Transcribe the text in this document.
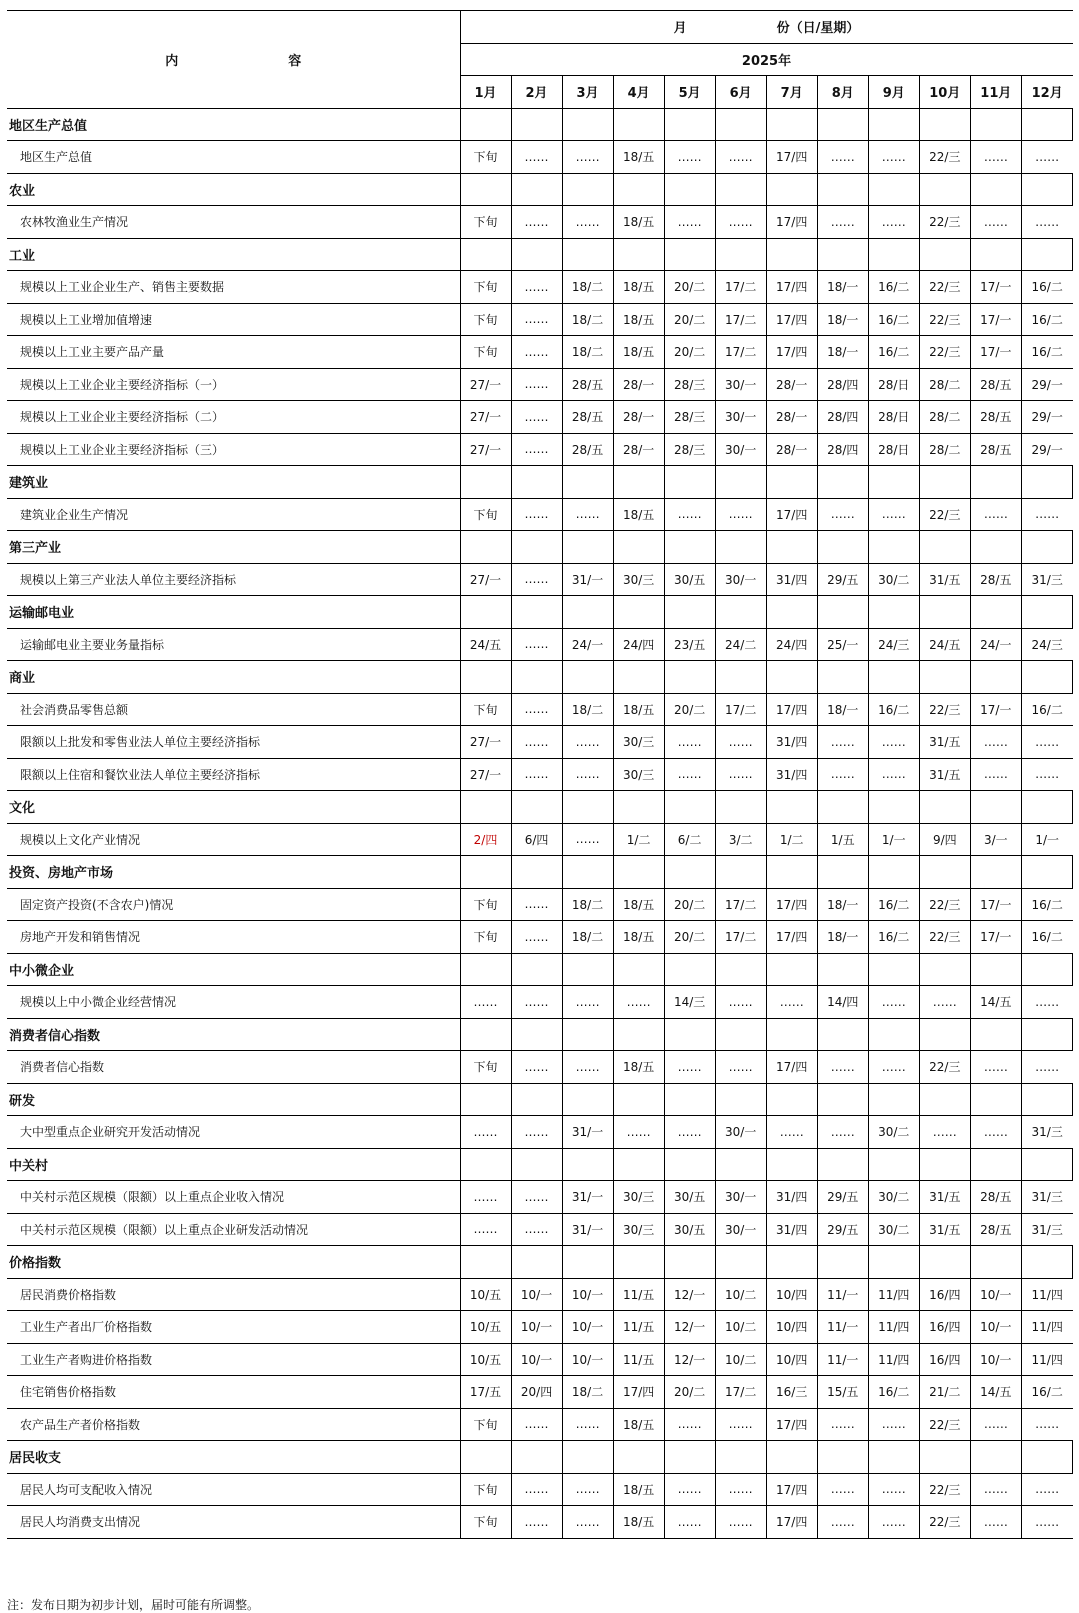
内 容	月 份（日/星期）											
	2025年											
	1月	2月	3月	4月	5月	6月	7月	8月	9月	10月	11月	12月
地区生产总值												
地区生产总值	下旬	……	……	18/五	……	……	17/四	……	……	22/三	……	……
农业												
农林牧渔业生产情况	下旬	……	……	18/五	……	……	17/四	……	……	22/三	……	……
工业												
规模以上工业企业生产、销售主要数据	下旬	……	18/二	18/五	20/二	17/二	17/四	18/一	16/二	22/三	17/一	16/二
规模以上工业增加值增速	下旬	……	18/二	18/五	20/二	17/二	17/四	18/一	16/二	22/三	17/一	16/二
规模以上工业主要产品产量	下旬	……	18/二	18/五	20/二	17/二	17/四	18/一	16/二	22/三	17/一	16/二
规模以上工业企业主要经济指标（一）	27/一	……	28/五	28/一	28/三	30/一	28/一	28/四	28/日	28/二	28/五	29/一
规模以上工业企业主要经济指标（二）	27/一	……	28/五	28/一	28/三	30/一	28/一	28/四	28/日	28/二	28/五	29/一
规模以上工业企业主要经济指标（三）	27/一	……	28/五	28/一	28/三	30/一	28/一	28/四	28/日	28/二	28/五	29/一
建筑业												
建筑业企业生产情况	下旬	……	……	18/五	……	……	17/四	……	……	22/三	……	……
第三产业												
规模以上第三产业法人单位主要经济指标	27/一	……	31/一	30/三	30/五	30/一	31/四	29/五	30/二	31/五	28/五	31/三
运输邮电业												
运输邮电业主要业务量指标	24/五	……	24/一	24/四	23/五	24/二	24/四	25/一	24/三	24/五	24/一	24/三
商业												
社会消费品零售总额	下旬	……	18/二	18/五	20/二	17/二	17/四	18/一	16/二	22/三	17/一	16/二
限额以上批发和零售业法人单位主要经济指标	27/一	……	……	30/三	……	……	31/四	……	……	31/五	……	……
限额以上住宿和餐饮业法人单位主要经济指标	27/一	……	……	30/三	……	……	31/四	……	……	31/五	……	……
文化												
规模以上文化产业情况	2/四	6/四	……	1/二	6/二	3/二	1/二	1/五	1/一	9/四	3/一	1/一
投资、房地产市场												
固定资产投资(不含农户)情况	下旬	……	18/二	18/五	20/二	17/二	17/四	18/一	16/二	22/三	17/一	16/二
房地产开发和销售情况	下旬	……	18/二	18/五	20/二	17/二	17/四	18/一	16/二	22/三	17/一	16/二
中小微企业												
规模以上中小微企业经营情况	……	……	……	……	14/三	……	……	14/四	……	……	14/五	……
消费者信心指数												
消费者信心指数	下旬	……	……	18/五	……	……	17/四	……	……	22/三	……	……
研发												
大中型重点企业研究开发活动情况	……	……	31/一	……	……	30/一	……	……	30/二	……	……	31/三
中关村												
中关村示范区规模（限额）以上重点企业收入情况	……	……	31/一	30/三	30/五	30/一	31/四	29/五	30/二	31/五	28/五	31/三
中关村示范区规模（限额）以上重点企业研发活动情况	……	……	31/一	30/三	30/五	30/一	31/四	29/五	30/二	31/五	28/五	31/三
价格指数												
居民消费价格指数	10/五	10/一	10/一	11/五	12/一	10/二	10/四	11/一	11/四	16/四	10/一	11/四
工业生产者出厂价格指数	10/五	10/一	10/一	11/五	12/一	10/二	10/四	11/一	11/四	16/四	10/一	11/四
工业生产者购进价格指数	10/五	10/一	10/一	11/五	12/一	10/二	10/四	11/一	11/四	16/四	10/一	11/四
住宅销售价格指数	17/五	20/四	18/二	17/四	20/二	17/二	16/三	15/五	16/二	21/二	14/五	16/二
农产品生产者价格指数	下旬	……	……	18/五	……	……	17/四	……	……	22/三	……	……
居民收支												
居民人均可支配收入情况	下旬	……	……	18/五	……	……	17/四	……	……	22/三	……	……
居民人均消费支出情况	下旬	……	……	18/五	……	……	17/四	……	……	22/三	……	……
注：发布日期为初步计划，届时可能有所调整。
